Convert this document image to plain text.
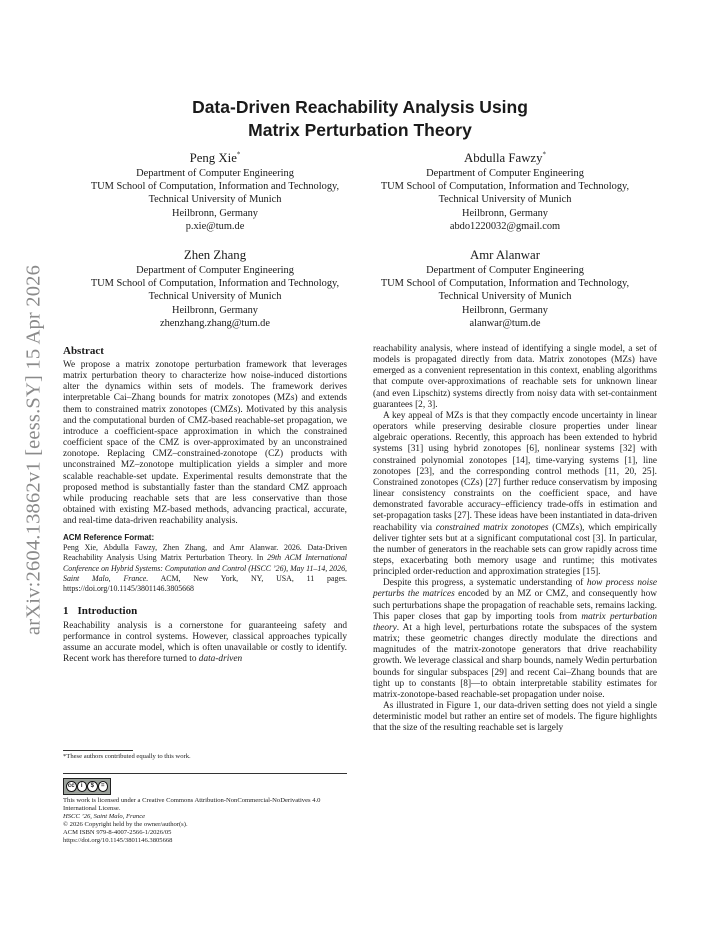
arXiv:2604.13862v1 [eess.SY] 15 Apr 2026
Data-Driven Reachability Analysis Using
Matrix Perturbation Theory
Peng Xie*
Department of Computer Engineering
TUM School of Computation, Information and Technology,
Technical University of Munich
Heilbronn, Germany
p.xie@tum.de
Abdulla Fawzy*
Department of Computer Engineering
TUM School of Computation, Information and Technology,
Technical University of Munich
Heilbronn, Germany
abdo1220032@gmail.com
Zhen Zhang
Department of Computer Engineering
TUM School of Computation, Information and Technology,
Technical University of Munich
Heilbronn, Germany
zhenzhang.zhang@tum.de
Amr Alanwar
Department of Computer Engineering
TUM School of Computation, Information and Technology,
Technical University of Munich
Heilbronn, Germany
alanwar@tum.de
Abstract

We propose a matrix zonotope perturbation framework that leverages matrix perturbation theory to characterize how noise-induced distortions alter the dynamics within sets of models. The framework derives interpretable Cai–Zhang bounds for matrix zonotopes (MZs) and extends them to constrained matrix zonotopes (CMZs). Motivated by this analysis and the computational burden of CMZ-based reachable-set propagation, we introduce a coefficient-space approximation in which the constrained coefficient space of the CMZ is over-approximated by an unconstrained zonotope. Replacing CMZ–constrained-zonotope (CZ) products with unconstrained MZ–zonotope multiplication yields a simpler and more scalable reachable-set update. Experimental results demonstrate that the proposed method is substantially faster than the standard CMZ approach while producing reachable sets that are less conservative than those obtained with existing MZ-based methods, advancing practical, accurate, and real-time data-driven reachability analysis.

ACM Reference Format:

Peng Xie, Abdulla Fawzy, Zhen Zhang, and Amr Alanwar. 2026. Data-Driven Reachability Analysis Using Matrix Perturbation Theory. In 29th ACM International Conference on Hybrid Systems: Computation and Control (HSCC ’26), May 11–14, 2026, Saint Malo, France. ACM, New York, NY, USA, 11 pages. https://doi.org/10.1145/3801146.3805668

1 Introduction

Reachability analysis is a cornerstone for guaranteeing safety and performance in control systems. However, classical approaches typically assume an accurate model, which is often unavailable or costly to identify. Recent work has therefore turned to data-driven

*These authors contributed equally to this work.
cc	i	$	=

This work is licensed under a Creative Commons Attribution-NonCommercial-NoDerivatives 4.0 International License.

HSCC ’26, Saint Malo, France

© 2026 Copyright held by the owner/author(s).

ACM ISBN 979-8-4007-2566-1/2026/05

https://doi.org/10.1145/3801146.3805668

reachability analysis, where instead of identifying a single model, a set of models is propagated directly from data. Matrix zonotopes (MZs) have emerged as a convenient representation in this context, enabling algorithms that compute over-approximations of reachable sets for unknown linear (and even Lipschitz) systems directly from noisy data with set-containment guarantees [2, 3].

A key appeal of MZs is that they compactly encode uncertainty in linear operators while preserving desirable closure properties under linear algebraic operations. Recently, this approach has been extended to hybrid systems [31] using hybrid zonotopes [6], nonlinear systems [32] with constrained polynomial zonotopes [14], time-varying systems [1], line zonotopes [23], and the corresponding control methods [11, 20, 25]. Constrained zonotopes (CZs) [27] further reduce conservatism by imposing linear consistency constraints on the coefficient space, and have demonstrated favorable accuracy–efficiency trade-offs in estimation and set-propagation tasks [27]. These ideas have been instantiated in data-driven reachability via constrained matrix zonotopes (CMZs), which empirically deliver tighter sets but at a significant computational cost [3]. In particular, the number of generators in the reachable sets can grow rapidly across time steps, exacerbating both memory usage and runtime; this motivates principled order-reduction and approximation strategies [15].

Despite this progress, a systematic understanding of how process noise perturbs the matrices encoded by an MZ or CMZ, and consequently how such perturbations shape the propagation of reachable sets, remains lacking. This paper closes that gap by importing tools from matrix perturbation theory. At a high level, perturbations rotate the subspaces of the system matrix; these geometric changes directly modulate the directions and magnitudes of the matrix-zonotope generators that drive reachability growth. We leverage classical and sharp bounds, namely Wedin perturbation bounds for singular subspaces [29] and recent Cai–Zhang bounds that are tight up to constants [8]—to obtain interpretable stability estimates for matrix-zonotope-based reachable-set propagation under noise.

As illustrated in Figure 1, our data-driven setting does not yield a single deterministic model but rather an entire set of models. The figure highlights that the size of the resulting reachable set is largely
